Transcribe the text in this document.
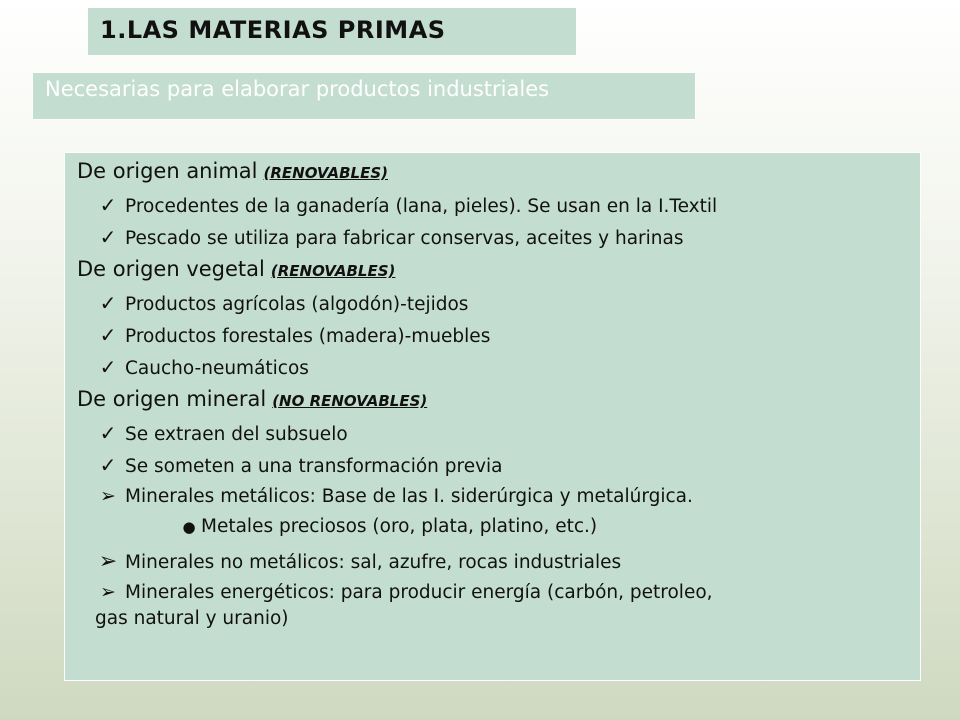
1.LAS MATERIAS PRIMAS
Necesarias para elaborar productos industriales
De origen animal (RENOVABLES)
✓ Procedentes de la ganadería (lana, pieles). Se usan en la I.Textil
✓ Pescado se utiliza para fabricar conservas, aceites y harinas
De origen vegetal (RENOVABLES)
✓ Productos agrícolas (algodón)-tejidos
✓ Productos forestales (madera)-muebles
✓ Caucho-neumáticos
De origen mineral (NO RENOVABLES)
✓ Se extraen del subsuelo
✓ Se someten a una transformación previa
➢ Minerales metálicos: Base de las I. siderúrgica y metalúrgica.
● Metales preciosos (oro, plata, platino, etc.)
➢ Minerales no metálicos: sal, azufre, rocas industriales
➢ Minerales energéticos: para producir energía (carbón, petroleo,
gas natural y uranio)
